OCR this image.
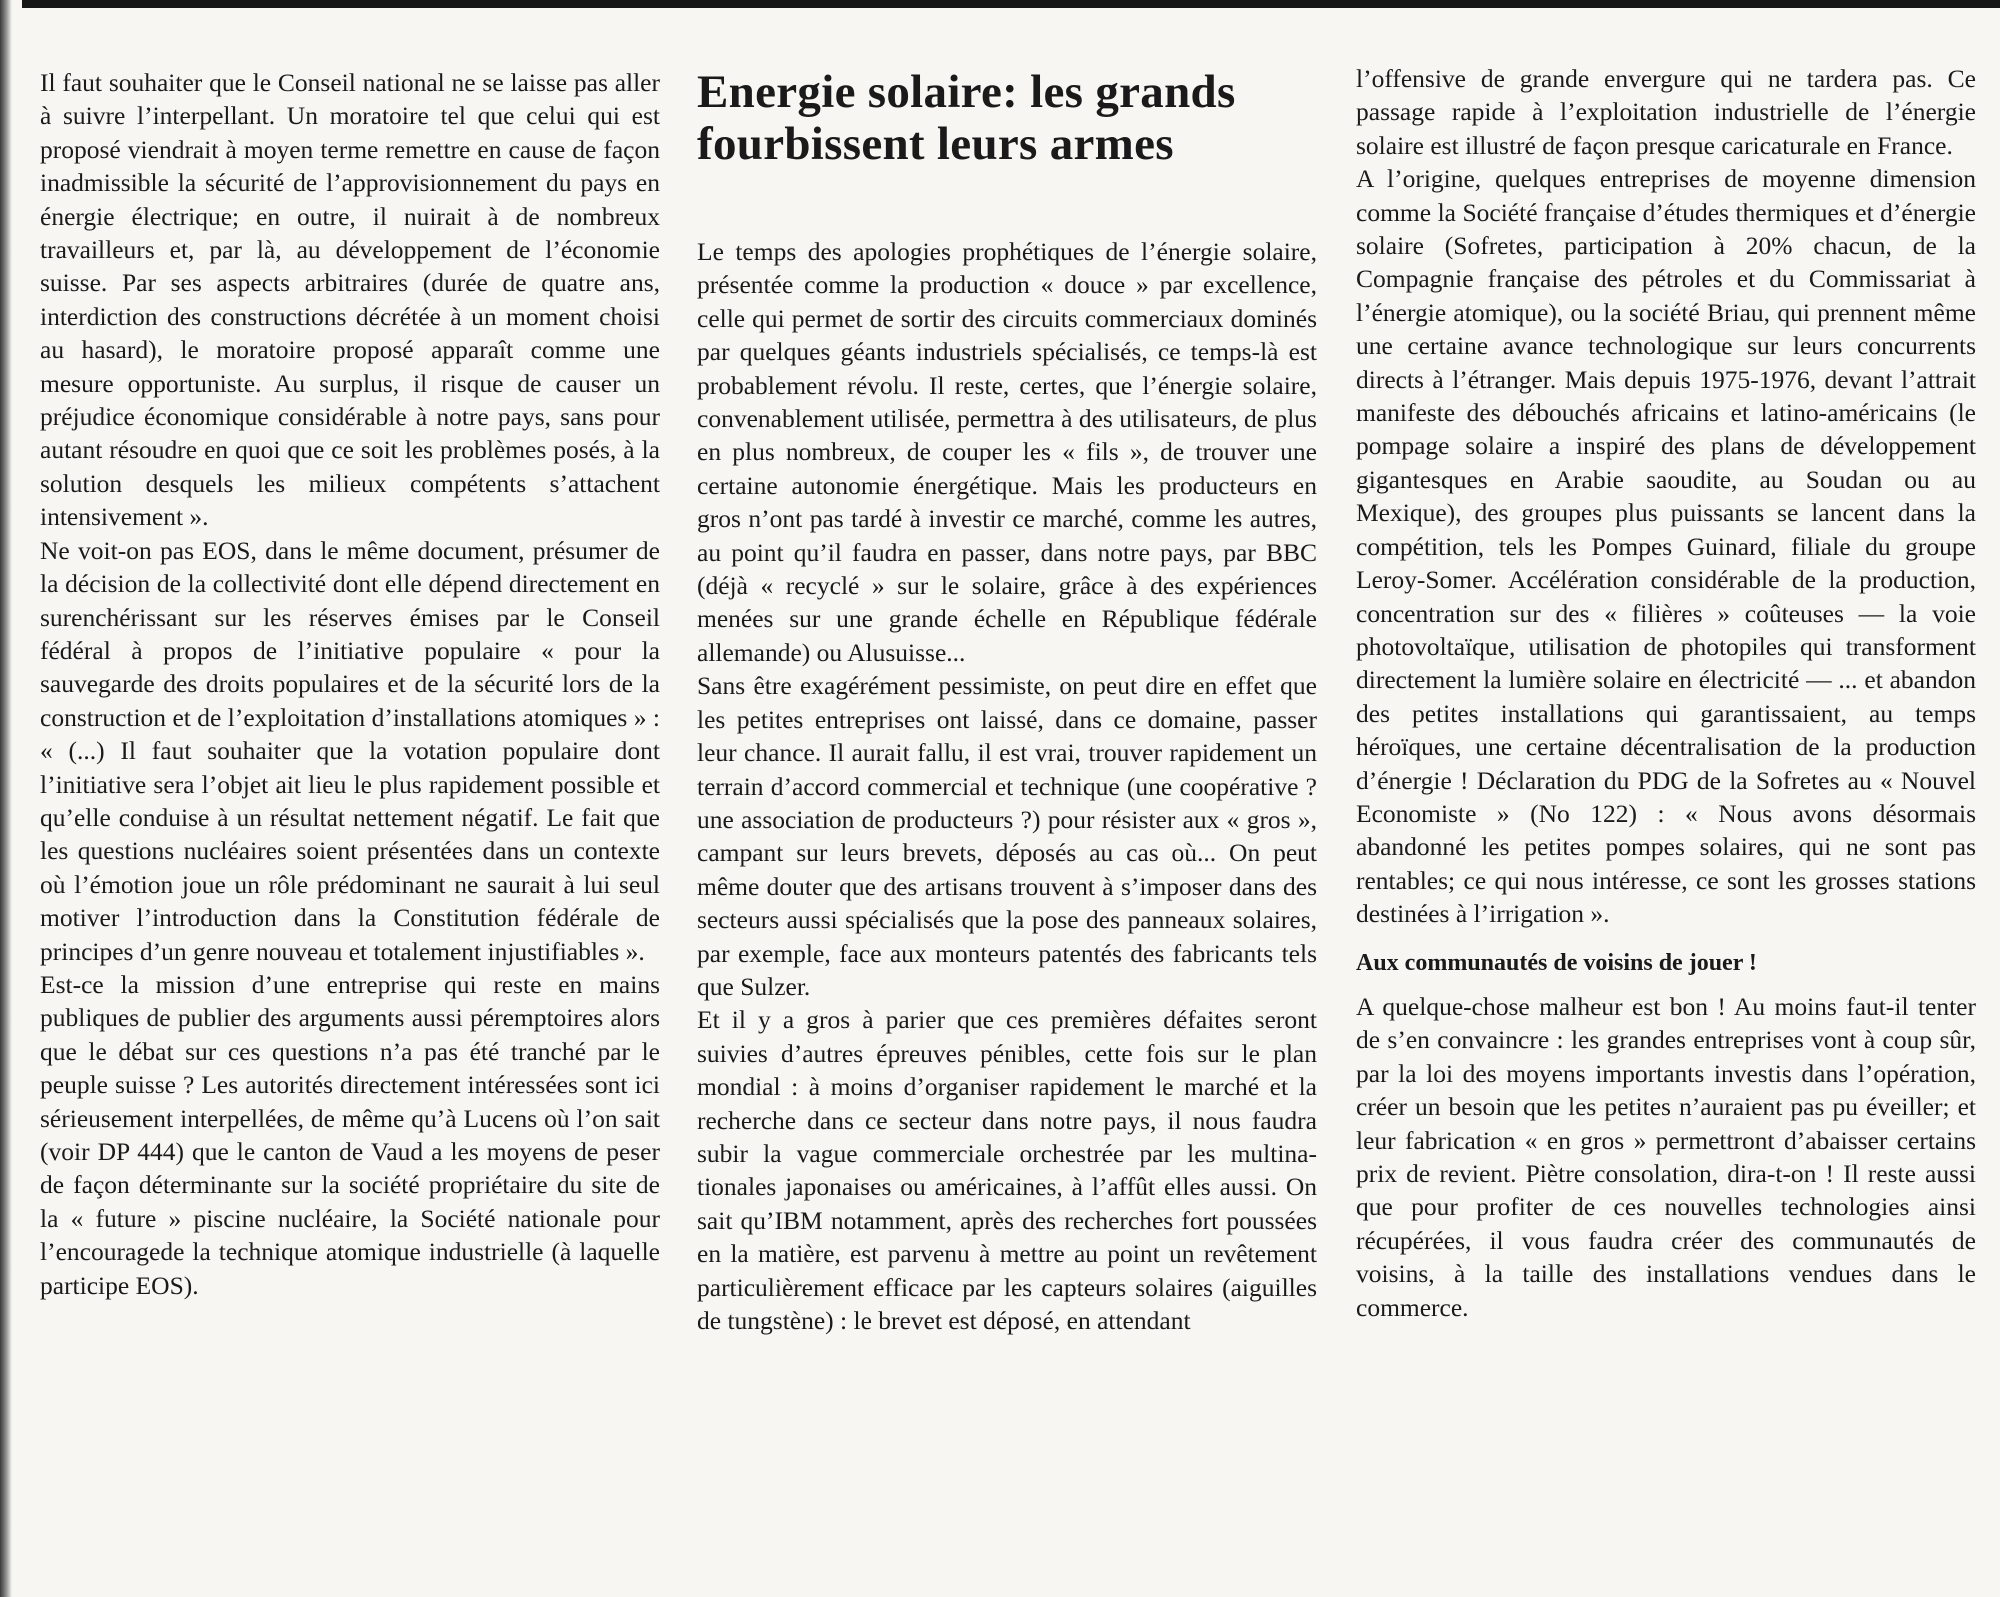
Il faut souhaiter que le Conseil national ne se laisse pas aller à suivre l’interpellant. Un moratoire tel que celui qui est proposé viendrait à moyen terme remettre en cause de façon inadmissible la sécurité de l’approvisionnement du pays en énergie électrique; en outre, il nuirait à de nombreux travailleurs et, par là, au développement de l’économie suisse. Par ses aspects arbitraires (durée de quatre ans, interdiction des constructions décrétée à un moment choisi au hasard), le moratoire proposé apparaît comme une mesure opportuniste. Au surplus, il risque de causer un préjudice économique considérable à notre pays, sans pour autant résoudre en quoi que ce soit les problèmes posés, à la solution desquels les milieux compétents s’attachent intensivement ».

Ne voit-on pas EOS, dans le même document, présumer de la décision de la collectivité dont elle dépend directement en surenchérissant sur les réserves émises par le Conseil fédéral à propos de l’initiative populaire « pour la sauvegarde des droits populaires et de la sécurité lors de la construction et de l’exploitation d’installations atomiques » : « (...) Il faut souhaiter que la votation populaire dont l’initiative sera l’objet ait lieu le plus rapidement possible et qu’elle conduise à un résultat nettement négatif. Le fait que les questions nucléaires soient présentées dans un contexte où l’émotion joue un rôle prédominant ne saurait à lui seul motiver l’introduction dans la Constitution fédérale de principes d’un genre nouveau et totalement injustifiables ».

Est-ce la mission d’une entreprise qui reste en mains publiques de publier des arguments aussi péremptoires alors que le débat sur ces questions n’a pas été tranché par le peuple suisse ? Les autorités directement intéressées sont ici sérieusement interpellées, de même qu’à Lucens où l’on sait (voir DP 444) que le canton de Vaud a les moyens de peser de façon déterminante sur la société propriétaire du site de la « future » piscine nucléaire, la Société nationale pour l’encouragede la technique atomique industrielle (à laquelle participe EOS).

Energie solaire: les grands fourbissent leurs armes

Le temps des apologies prophétiques de l’énergie solaire, présentée comme la production « douce » par excellence, celle qui permet de sortir des circuits commerciaux dominés par quelques géants industriels spécialisés, ce temps-là est probablement révolu. Il reste, certes, que l’énergie solaire, convenablement utilisée, permettra à des utilisateurs, de plus en plus nombreux, de couper les « fils », de trouver une certaine autonomie énergétique. Mais les producteurs en gros n’ont pas tardé à investir ce marché, comme les autres, au point qu’il faudra en passer, dans notre pays, par BBC (déjà « recyclé » sur le solaire, grâce à des expériences menées sur une grande échelle en République fédérale allemande) ou Alusuisse...

Sans être exagérément pessimiste, on peut dire en effet que les petites entreprises ont laissé, dans ce domaine, passer leur chance. Il aurait fallu, il est vrai, trouver rapidement un terrain d’accord commercial et technique (une coopérative ? une association de producteurs ?) pour résister aux « gros », campant sur leurs brevets, déposés au cas où... On peut même douter que des artisans trouvent à s’imposer dans des secteurs aussi spécialisés que la pose des panneaux solaires, par exemple, face aux monteurs patentés des fabricants tels que Sulzer.

Et il y a gros à parier que ces premières défaites seront suivies d’autres épreuves pénibles, cette fois sur le plan mondial : à moins d’organiser rapidement le marché et la recherche dans ce secteur dans notre pays, il nous faudra subir la vague commerciale orchestrée par les multinationales japonaises ou américaines, à l’affût elles aussi. On sait qu’IBM notamment, après des recherches fort poussées en la matière, est parvenu à mettre au point un revêtement particulièrement efficace par les capteurs solaires (aiguilles de tungstène) : le brevet est déposé, en attendant

l’offensive de grande envergure qui ne tardera pas. Ce passage rapide à l’exploitation industrielle de l’énergie solaire est illustré de façon presque caricaturale en France.

A l’origine, quelques entreprises de moyenne dimension comme la Société française d’études thermiques et d’énergie solaire (Sofretes, participation à 20% chacun, de la Compagnie française des pétroles et du Commissariat à l’énergie atomique), ou la société Briau, qui prennent même une certaine avance technologique sur leurs concurrents directs à l’étranger. Mais depuis 1975-1976, devant l’attrait manifeste des débouchés africains et latino-américains (le pompage solaire a inspiré des plans de développement gigantesques en Arabie saoudite, au Soudan ou au Mexique), des groupes plus puissants se lancent dans la compétition, tels les Pompes Guinard, filiale du groupe Leroy-Somer. Accélération considérable de la production, concentration sur des « filières » coûteuses — la voie photovoltaïque, utilisation de photopiles qui transforment directement la lumière solaire en électricité — ... et abandon des petites installations qui garantissaient, au temps héroïques, une certaine décentralisation de la production d’énergie ! Déclaration du PDG de la Sofretes au « Nouvel Economiste » (No 122) : « Nous avons désormais abandonné les petites pompes solaires, qui ne sont pas rentables; ce qui nous intéresse, ce sont les grosses stations destinées à l’irrigation ».

Aux communautés de voisins de jouer !

A quelque-chose malheur est bon ! Au moins faut-il tenter de s’en convaincre : les grandes entreprises vont à coup sûr, par la loi des moyens importants investis dans l’opération, créer un besoin que les petites n’auraient pas pu éveiller; et leur fabrication « en gros » permettront d’abaisser certains prix de revient. Piètre consolation, dira-t-on ! Il reste aussi que pour profiter de ces nouvelles technologies ainsi récupérées, il vous faudra créer des communautés de voisins, à la taille des installations vendues dans le commerce.
